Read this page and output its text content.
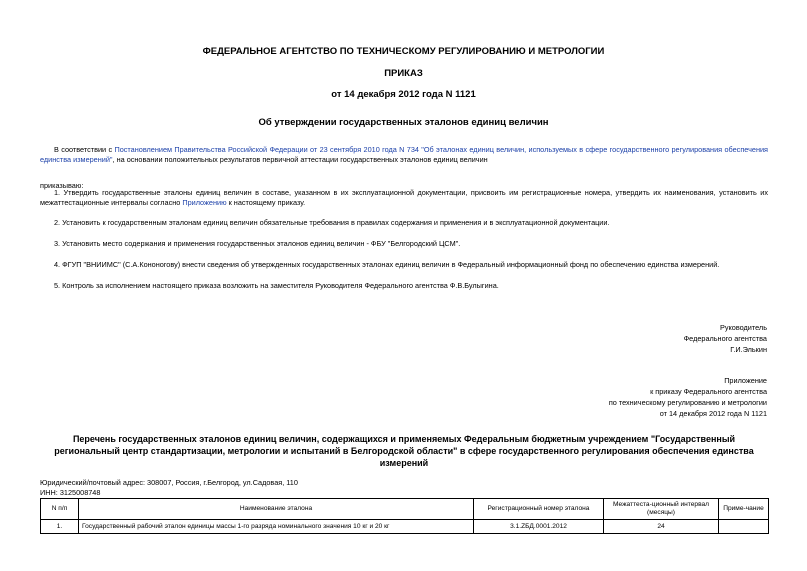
ФЕДЕРАЛЬНОЕ АГЕНТСТВО ПО ТЕХНИЧЕСКОМУ РЕГУЛИРОВАНИЮ И МЕТРОЛОГИИ
ПРИКАЗ
от 14 декабря 2012 года N 1121
Об утверждении государственных эталонов единиц величин
В соответствии с Постановлением Правительства Российской Федерации от 23 сентября 2010 года N 734 "Об эталонах единиц величин, используемых в сфере государственного регулирования обеспечения единства измерений", на основании положительных результатов первичной аттестации государственных эталонов единиц величин
приказываю:
1. Утвердить государственные эталоны единиц величин в составе, указанном в их эксплуатационной документации, присвоить им регистрационные номера, утвердить их наименования, установить их межаттестационные интервалы согласно Приложению к настоящему приказу.
2. Установить к государственным эталонам единиц величин обязательные требования в правилах содержания и применения и в эксплуатационной документации.
3. Установить место содержания и применения государственных эталонов единиц величин - ФБУ "Белгородский ЦСМ".
4. ФГУП "ВНИИМС" (С.А.Кононогову) внести сведения об утвержденных государственных эталонах единиц величин в Федеральный информационный фонд по обеспечению единства измерений.
5. Контроль за исполнением настоящего приказа возложить на заместителя Руководителя Федерального агентства Ф.В.Булыгина.
Руководитель
Федерального агентства
Г.И.Элькин
Приложение
к приказу Федерального агентства
по техническому регулированию и метрологии
от 14 декабря 2012 года N 1121
Перечень государственных эталонов единиц величин, содержащихся и применяемых Федеральным бюджетным учреждением "Государственный региональный центр стандартизации, метрологии и испытаний в Белгородской области" в сфере государственного регулирования обеспечения единства измерений
Юридический/почтовый адрес: 308007, Россия, г.Белгород, ул.Садовая, 110
ИНН: 3125008748
N п/п	Наименование эталона	Регистрационный номер эталона	Межаттеста-ционный интервал (месяцы)	Приме-чание
1.	Государственный рабочий эталон единицы массы 1-го разряда номинального значения 10 кг и 20 кг	3.1.ZБД.0001.2012	24	
